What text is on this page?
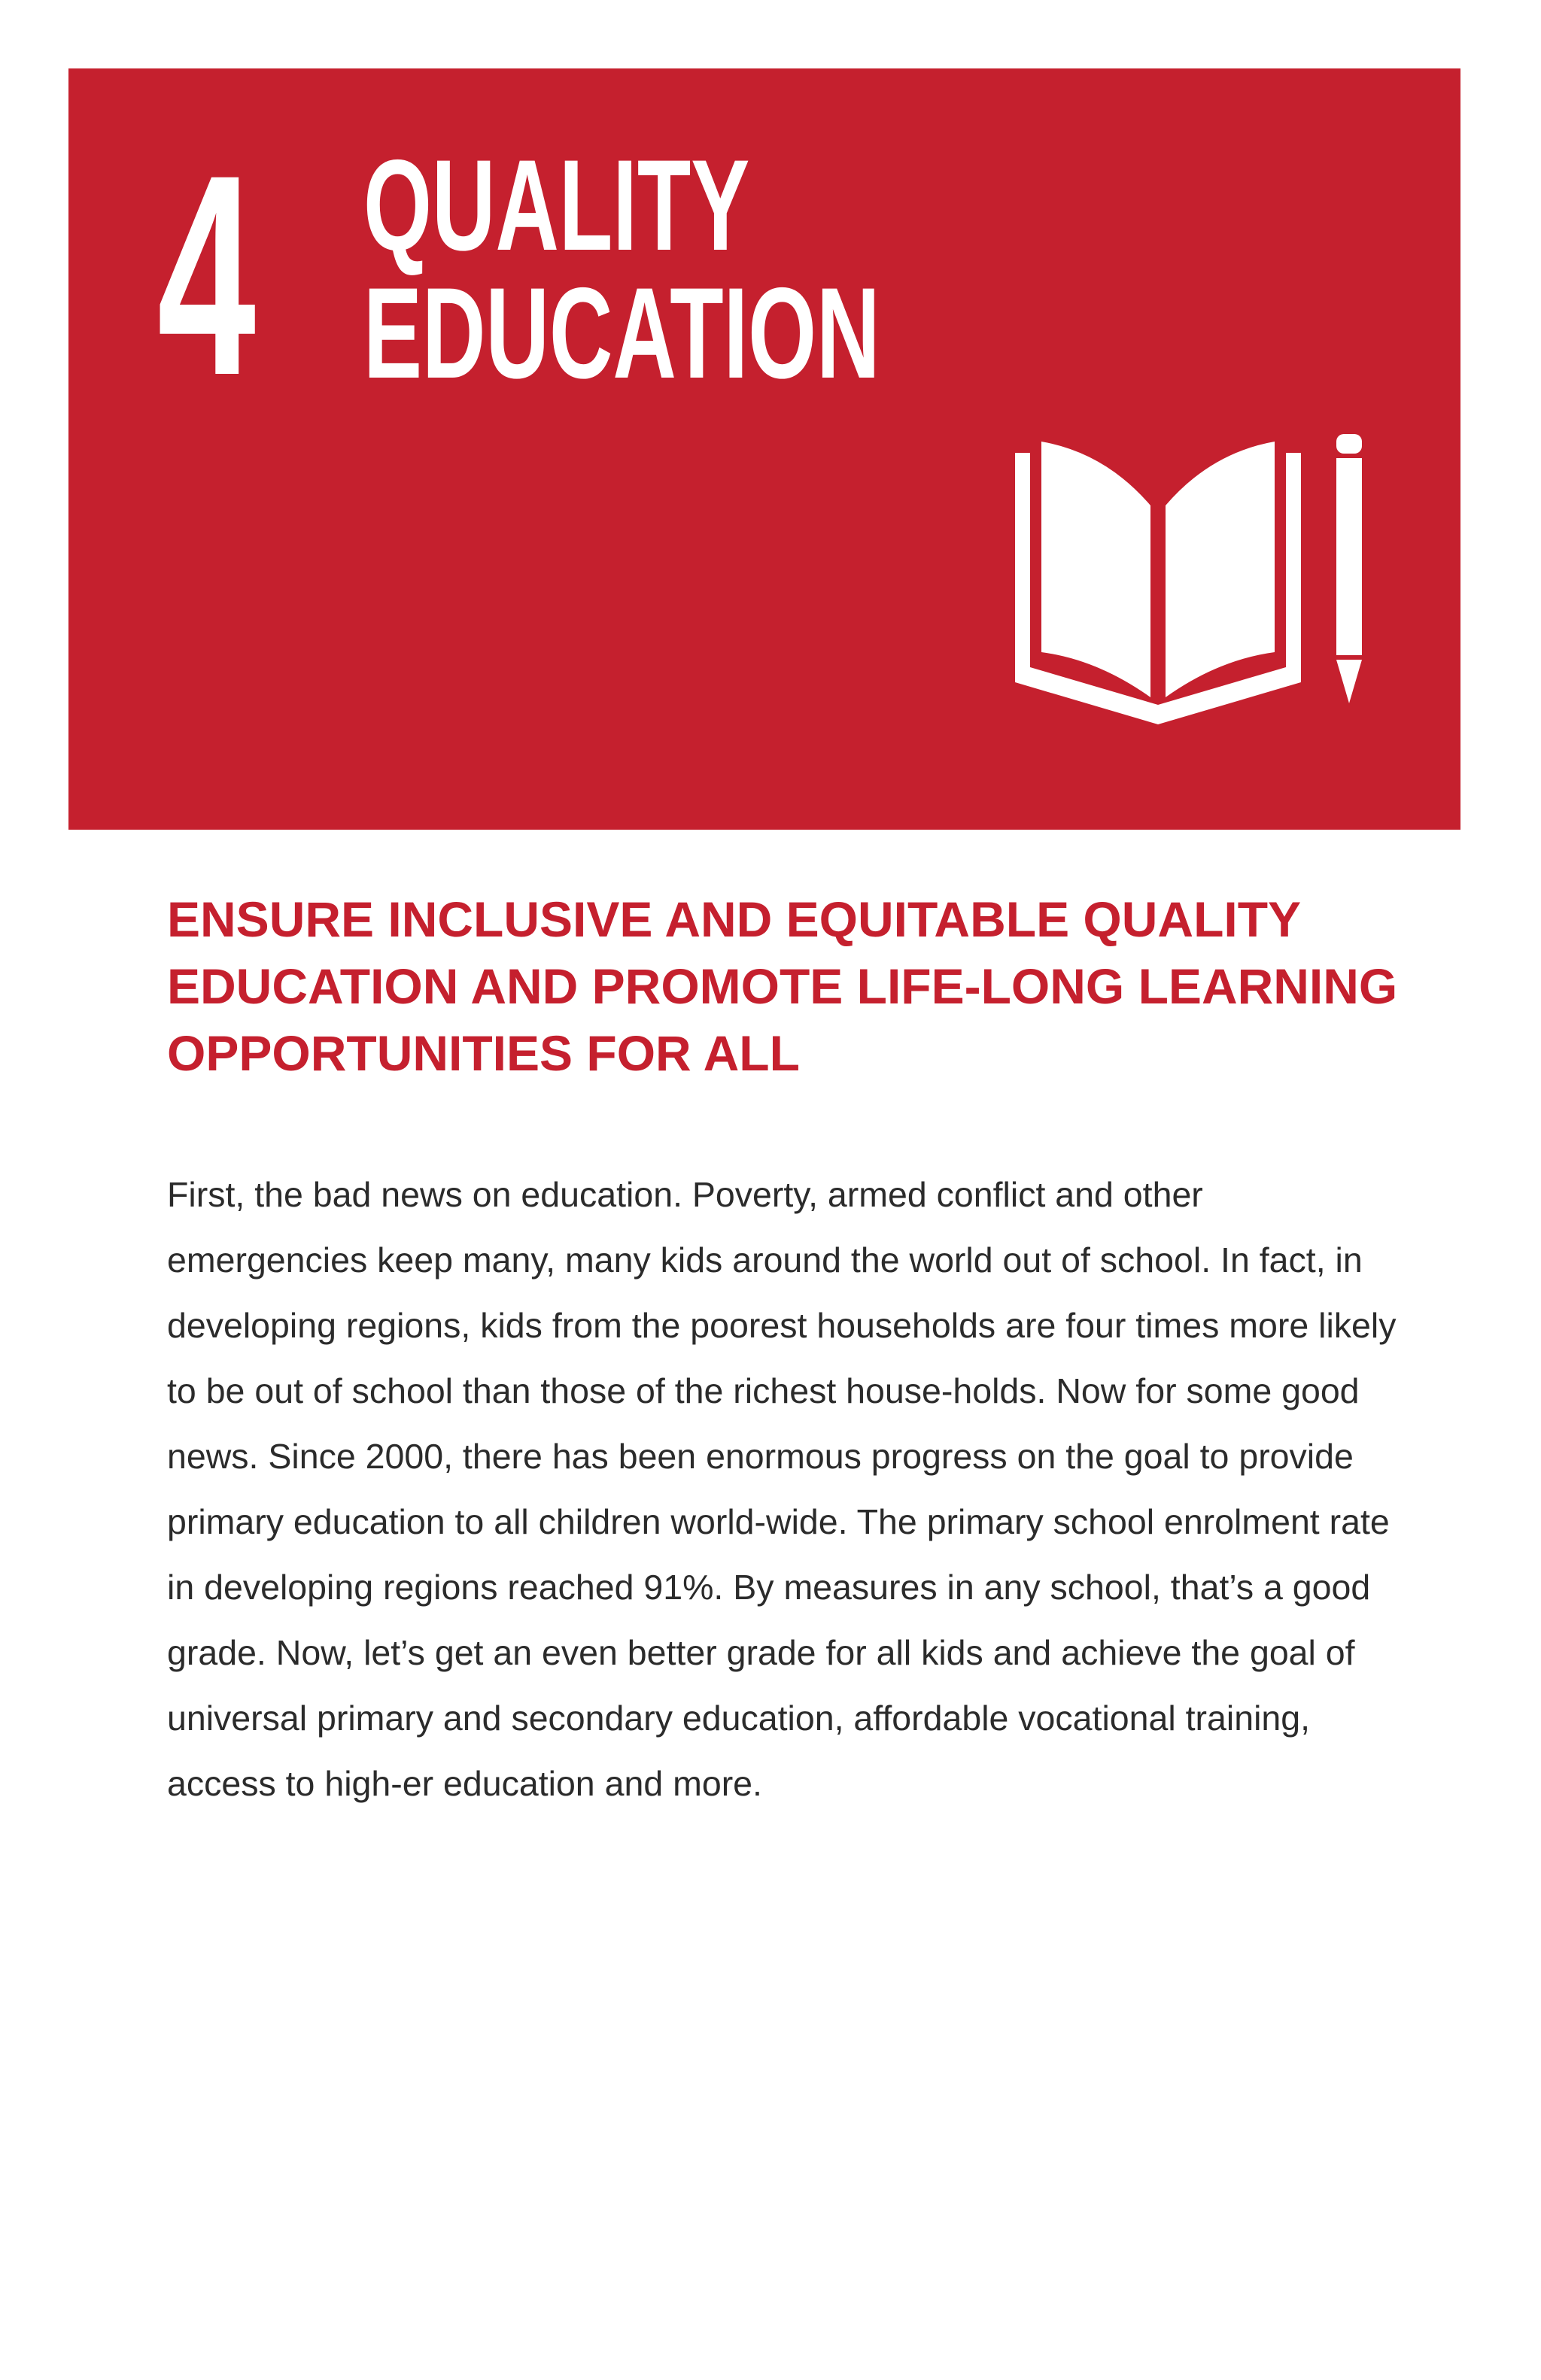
4 QUALITY
EDUCATION
ENSURE INCLUSIVE AND EQUITABLE QUALITY EDUCATION AND PROMOTE LIFE-LONG LEARNING OPPORTUNITIES FOR ALL

First, the bad news on education. Poverty, armed conflict and other emergencies keep many, many kids around the world out of school. In fact, in developing regions, kids from the poorest households are four times more likely to be out of school than those of the richest house-holds. Now for some good news. Since 2000, there has been enormous progress on the goal to provide primary education to all children world-wide. The primary school enrolment rate in developing regions reached 91%. By measures in any school, that’s a good grade. Now, let’s get an even better grade for all kids and achieve the goal of universal primary and secondary education, affordable vocational training, access to high-er education and more.
